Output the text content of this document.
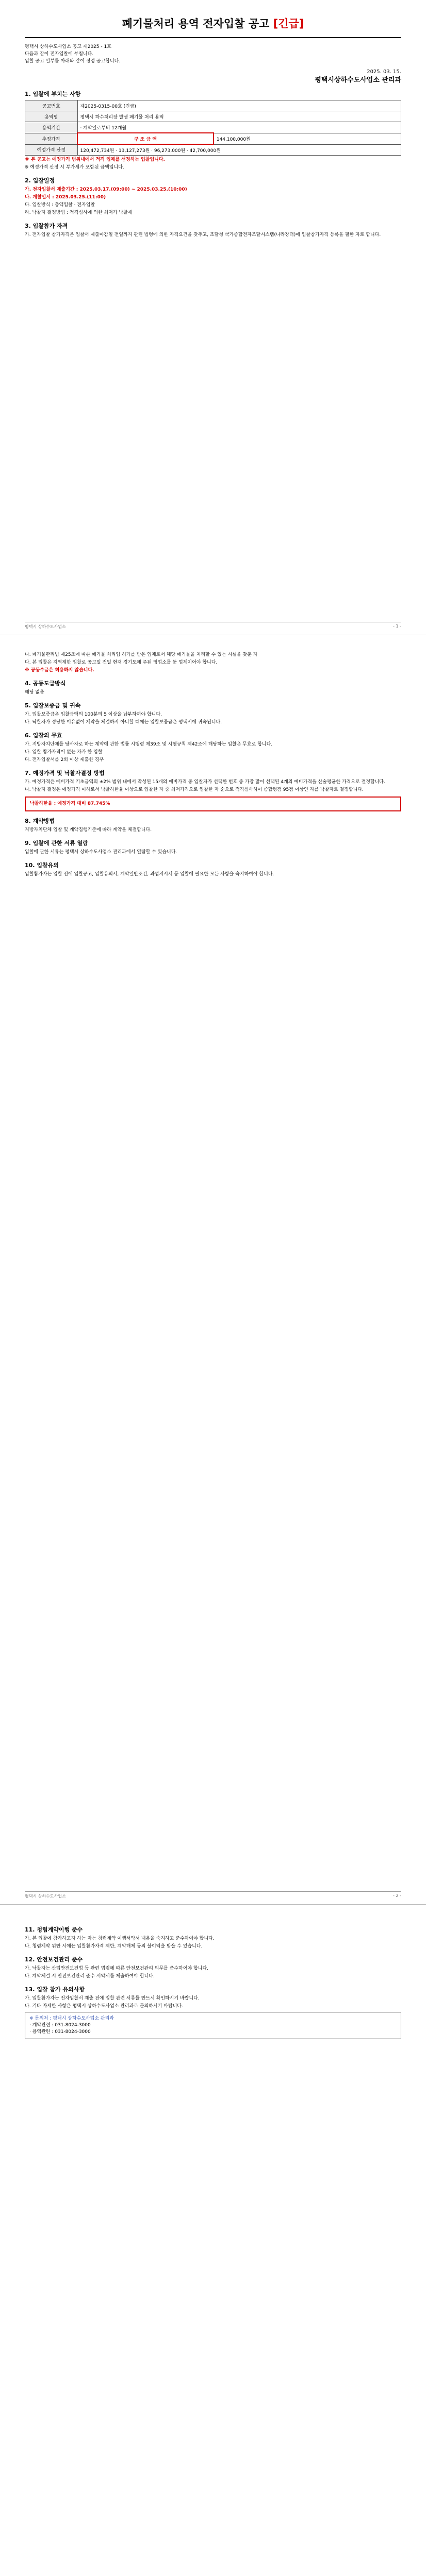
폐기물처리 용역 전자입찰 공고 [긴급]
평택시 상하수도사업소 공고 제2025 - 1호
다음과 같이 전자입찰에 부칩니다.
입찰 공고 일부를 아래와 같이 정정 공고합니다.
2025. 03. 15.
평택시상하수도사업소 관리과
1. 입찰에 부치는 사항
공고번호	제2025-0315-00호 (긴급)	
용역명	평택시 하수처리장 발생 폐기물 처리 용역	
용역기간	· 계약일로부터 12개월	
추정가격	구 조 금 액	144,100,000원
예정가격 산정	120,472,734원 · 13,127,273원 · 96,273,000원 · 42,700,000원	
※ 본 공고는 예정가격 범위내에서 적격 업체를 선정하는 입찰입니다.
※ 예정가격 산정 시 부가세가 포함된 금액입니다.
2. 입찰일정
가. 전자입찰서 제출기간 : 2025.03.17.(09:00) ~ 2025.03.25.(10:00)
나. 개찰일시 : 2025.03.25.(11:00)
다. 입찰방식 : 총액입찰 · 전자입찰
라. 낙찰자 결정방법 : 적격심사에 의한 최저가 낙찰제
3. 입찰참가 자격
가. 전자입찰 참가자격은 입찰서 제출마감일 전일까지 관련 법령에 의한 자격요건을 갖추고, 조달청 국가종합전자조달시스템(나라장터)에 입찰참가자격 등록을 필한 자로 합니다.
평택시 상하수도사업소	- 1 -
나. 폐기물관리법 제25조에 따른 폐기물 처리업 허가를 받은 업체로서 해당 폐기물을 처리할 수 있는 시설을 갖춘 자
다. 본 입찰은 지역제한 입찰로 공고일 전일 현재 경기도에 주된 영업소를 둔 업체이어야 합니다.
※ 공동수급은 허용하지 않습니다.
4. 공동도급방식
해당 없음
5. 입찰보증금 및 귀속
가. 입찰보증금은 입찰금액의 100분의 5 이상을 납부하여야 합니다.
나. 낙찰자가 정당한 이유없이 계약을 체결하지 아니할 때에는 입찰보증금은 평택시에 귀속됩니다.
6. 입찰의 무효
가. 지방자치단체를 당사자로 하는 계약에 관한 법률 시행령 제39조 및 시행규칙 제42조에 해당하는 입찰은 무효로 합니다.
나. 입찰 참가자격이 없는 자가 한 입찰
다. 전자입찰서를 2회 이상 제출한 경우
7. 예정가격 및 낙찰자결정 방법
가. 예정가격은 예비가격 기초금액의 ±2% 범위 내에서 작성된 15개의 예비가격 중 입찰자가 선택한 번호 중 가장 많이 선택된 4개의 예비가격을 산술평균한 가격으로 결정합니다.
나. 낙찰자 결정은 예정가격 이하로서 낙찰하한율 이상으로 입찰한 자 중 최저가격으로 입찰한 자 순으로 적격심사하여 종합평점 95점 이상인 자를 낙찰자로 결정합니다.
낙찰하한율 : 예정가격 대비 87.745%
8. 계약방법
지방자치단체 입찰 및 계약집행기준에 따라 계약을 체결합니다.
9. 입찰에 관한 서류 열람
입찰에 관한 서류는 평택시 상하수도사업소 관리과에서 열람할 수 있습니다.
10. 입찰유의
입찰참가자는 입찰 전에 입찰공고, 입찰유의서, 계약일반조건, 과업지시서 등 입찰에 필요한 모든 사항을 숙지하여야 합니다.
평택시 상하수도사업소	- 2 -
11. 청렴계약이행 준수
가. 본 입찰에 참가하고자 하는 자는 청렴계약 이행서약서 내용을 숙지하고 준수하여야 합니다.
나. 청렴계약 위반 시에는 입찰참가자격 제한, 계약해제 등의 불이익을 받을 수 있습니다.
12. 안전보건관리 준수
가. 낙찰자는 산업안전보건법 등 관련 법령에 따른 안전보건관리 의무를 준수하여야 합니다.
나. 계약체결 시 안전보건관리 준수 서약서를 제출하여야 합니다.
13. 입찰 참가 유의사항
가. 입찰참가자는 전자입찰서 제출 전에 입찰 관련 서류를 반드시 확인하시기 바랍니다.
나. 기타 자세한 사항은 평택시 상하수도사업소 관리과로 문의하시기 바랍니다.
※ 문의처 : 평택시 상하수도사업소 관리과
· 계약관련 : 031-8024-3000
· 용역관련 : 031-8024-3000
